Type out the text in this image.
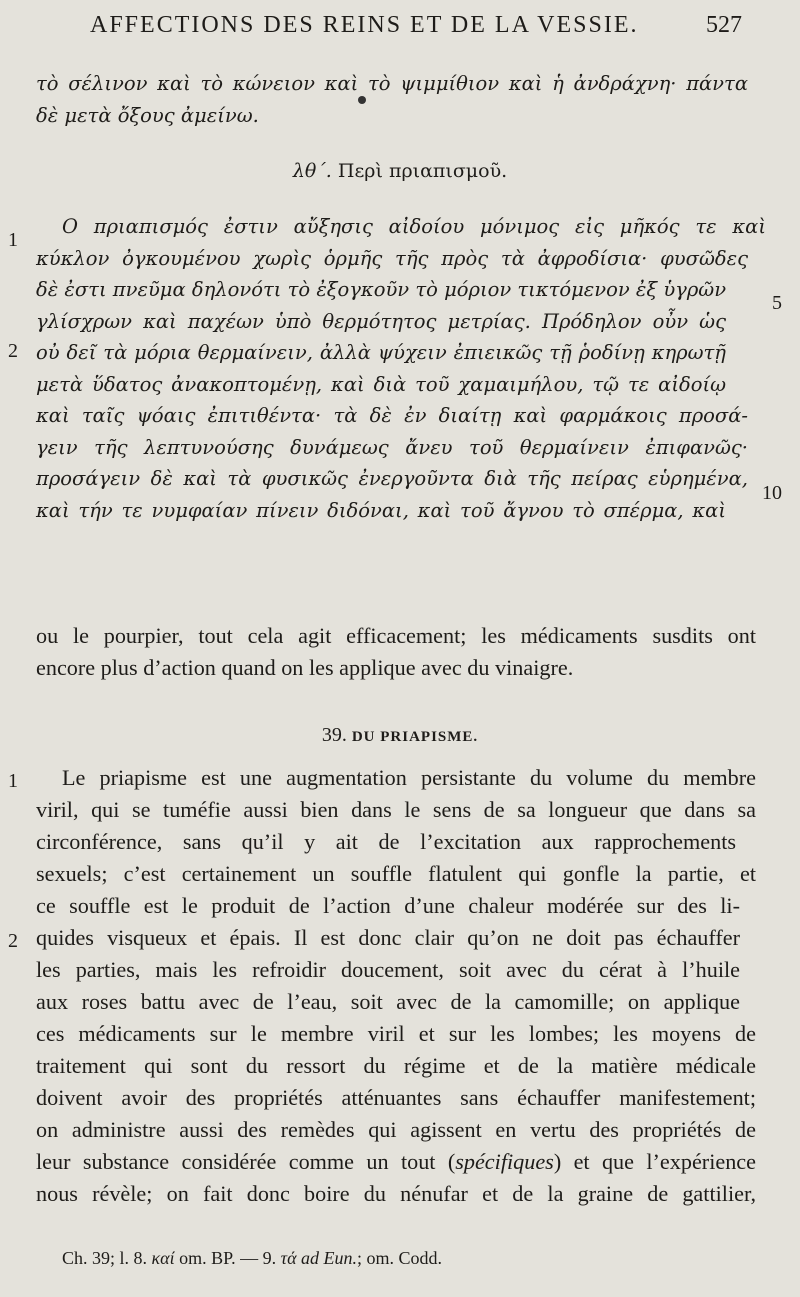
AFFECTIONS DES REINS ET DE LA VESSIE.	527
τὸ σέλινον καὶ τὸ κώνειον καὶ τὸ ψιμμίθιον καὶ ἡ ἀνδράχνη· πάντα
δὲ μετὰ ὄξους ἀμείνω.
λθ΄. Περὶ πριαπισμοῦ.
Ο πριαπισμός ἐστιν αὔξησις αἰδοίου μόνιμος εἰς μῆκός τε καὶ
κύκλον ὀγκουμένου χωρὶς ὁρμῆς τῆς πρὸς τὰ ἀφροδίσια· φυσῶδες
δὲ ἐστι πνεῦμα δηλονότι τὸ ἐξογκοῦν τὸ μόριον τικτόμενον ἐξ ὑγρῶν
γλίσχρων καὶ παχέων ὑπὸ θερμότητος μετρίας. Πρόδηλον οὖν ὡς
οὐ δεῖ τὰ μόρια θερμαίνειν, ἀλλὰ ψύχειν ἐπιεικῶς τῇ ῥοδίνῃ κηρωτῇ
μετὰ ὕδατος ἀνακοπτομένῃ, καὶ διὰ τοῦ χαμαιμήλου, τῷ τε αἰδοίῳ
καὶ ταῖς ψόαις ἐπιτιθέντα· τὰ δὲ ἐν διαίτῃ καὶ φαρμάκοις προσά-
γειν τῆς λεπτυνούσης δυνάμεως ἄνευ τοῦ θερμαίνειν ἐπιφανῶς·
προσάγειν δὲ καὶ τὰ φυσικῶς ἐνεργοῦντα διὰ τῆς πείρας εὑρημένα,
καὶ τήν τε νυμφαίαν πίνειν διδόναι, καὶ τοῦ ἄγνου τὸ σπέρμα, καὶ
1
2
5
10
ou le pourpier, tout cela agit efficacement; les médicaments susdits ont
encore plus d’action quand on les applique avec du vinaigre.
39. DU PRIAPISME.
Le priapisme est une augmentation persistante du volume du membre
viril, qui se tuméfie aussi bien dans le sens de sa longueur que dans sa
circonférence, sans qu’il y ait de l’excitation aux rapprochements
sexuels; c’est certainement un souffle flatulent qui gonfle la partie, et
ce souffle est le produit de l’action d’une chaleur modérée sur des li-
quides visqueux et épais. Il est donc clair qu’on ne doit pas échauffer
les parties, mais les refroidir doucement, soit avec du cérat à l’huile
aux roses battu avec de l’eau, soit avec de la camomille; on applique
ces médicaments sur le membre viril et sur les lombes; les moyens de
traitement qui sont du ressort du régime et de la matière médicale
doivent avoir des propriétés atténuantes sans échauffer manifestement;
on administre aussi des remèdes qui agissent en vertu des propriétés de
leur substance considérée comme un tout (spécifiques) et que l’expérience
nous révèle; on fait donc boire du nénufar et de la graine de gattilier,
1
2
Ch. 39; l. 8. καί om. BP. — 9. τά ad Eun.; om. Codd.
